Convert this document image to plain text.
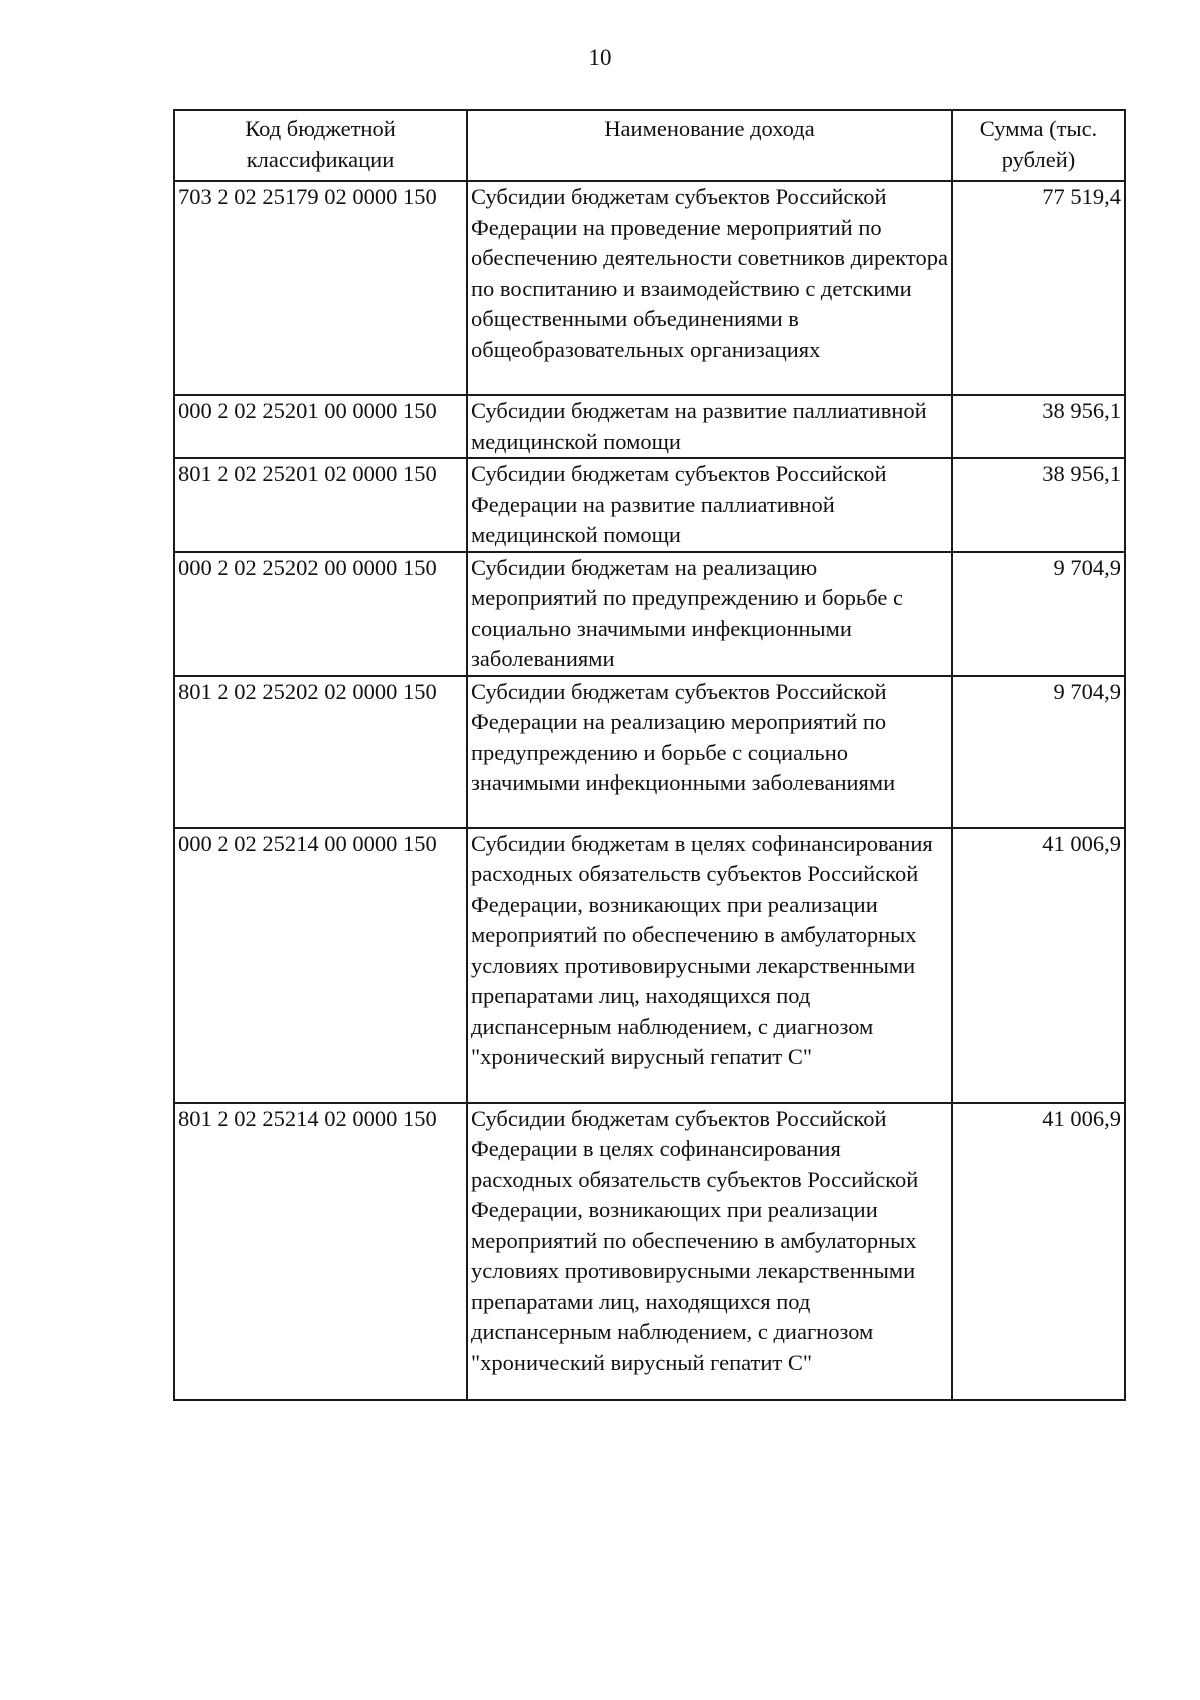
10
Код бюджетной классификации	Наименование дохода	Сумма (тыс. рублей)
703 2 02 25179 02 0000 150	Субсидии бюджетам субъектов Российской Федерации на проведение мероприятий по обеспечению деятельности советников директора по воспитанию и взаимодействию с детскими общественными объединениями в общеобразовательных организациях	77 519,4
000 2 02 25201 00 0000 150	Субсидии бюджетам на развитие паллиативной медицинской помощи	38 956,1
801 2 02 25201 02 0000 150	Субсидии бюджетам субъектов Российской Федерации на развитие паллиативной медицинской помощи	38 956,1
000 2 02 25202 00 0000 150	Субсидии бюджетам на реализацию мероприятий по предупреждению и борьбе с социально значимыми инфекционными заболеваниями	9 704,9
801 2 02 25202 02 0000 150	Субсидии бюджетам субъектов Российской Федерации на реализацию мероприятий по предупреждению и борьбе с социально значимыми инфекционными заболеваниями	9 704,9
000 2 02 25214 00 0000 150	Субсидии бюджетам в целях софинансирования расходных обязательств субъектов Российской Федерации, возникающих при реализации мероприятий по обеспечению в амбулаторных условиях противовирусными лекарственными препаратами лиц, находящихся под диспансерным наблюдением, с диагнозом "хронический вирусный гепатит С"	41 006,9
801 2 02 25214 02 0000 150	Субсидии бюджетам субъектов Российской Федерации в целях софинансирования расходных обязательств субъектов Российской Федерации, возникающих при реализации мероприятий по обеспечению в амбулаторных условиях противовирусными лекарственными препаратами лиц, находящихся под диспансерным наблюдением, с диагнозом "хронический вирусный гепатит С"	41 006,9
